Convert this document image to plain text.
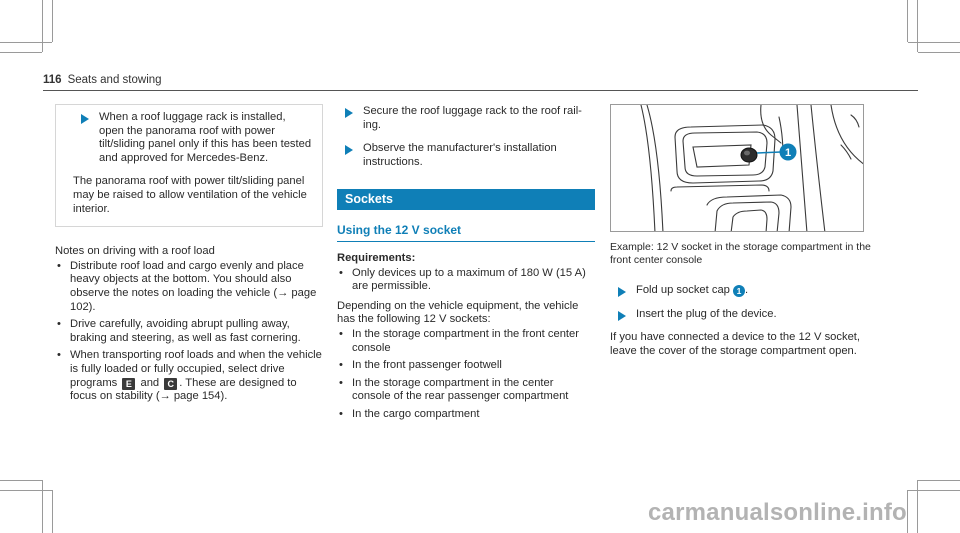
116 Seats and stowing

When a roof luggage rack is installed, open the panorama roof with power tilt/sliding panel only if this has been tested and approved for Mercedes-Benz.

The panorama roof with power tilt/sliding panel may be raised to allow ventilation of the vehicle interior.

Notes on driving with a roof load

• Distribute roof load and cargo evenly and place heavy objects at the bottom. You should also observe the notes on loading the vehicle (→ page 102).
• Drive carefully, avoiding abrupt pulling away, braking and steering, as well as fast cornering.
• When transporting roof loads and when the vehicle is fully loaded or fully occupied, select drive programs E and C . These are designed to focus on stability (→ page 154).

Secure the roof luggage rack to the roof rail-ing.

Observe the manufacturer's installation instructions.

Sockets
Using the 12 V socket

Requirements:

• Only devices up to a maximum of 180 W (15 A) are permissible.

Depending on the vehicle equipment, the vehicle has the following 12 V sockets:

• In the storage compartment in the front center console
• In the front passenger footwell
• In the storage compartment in the center console of the rear passenger compartment
• In the cargo compartment
1

Example: 12 V socket in the storage compartment in the front center console

Fold up socket cap 1 .

Insert the plug of the device.

If you have connected a device to the 12 V socket, leave the cover of the storage compartment open.

carmanualsonline.info
